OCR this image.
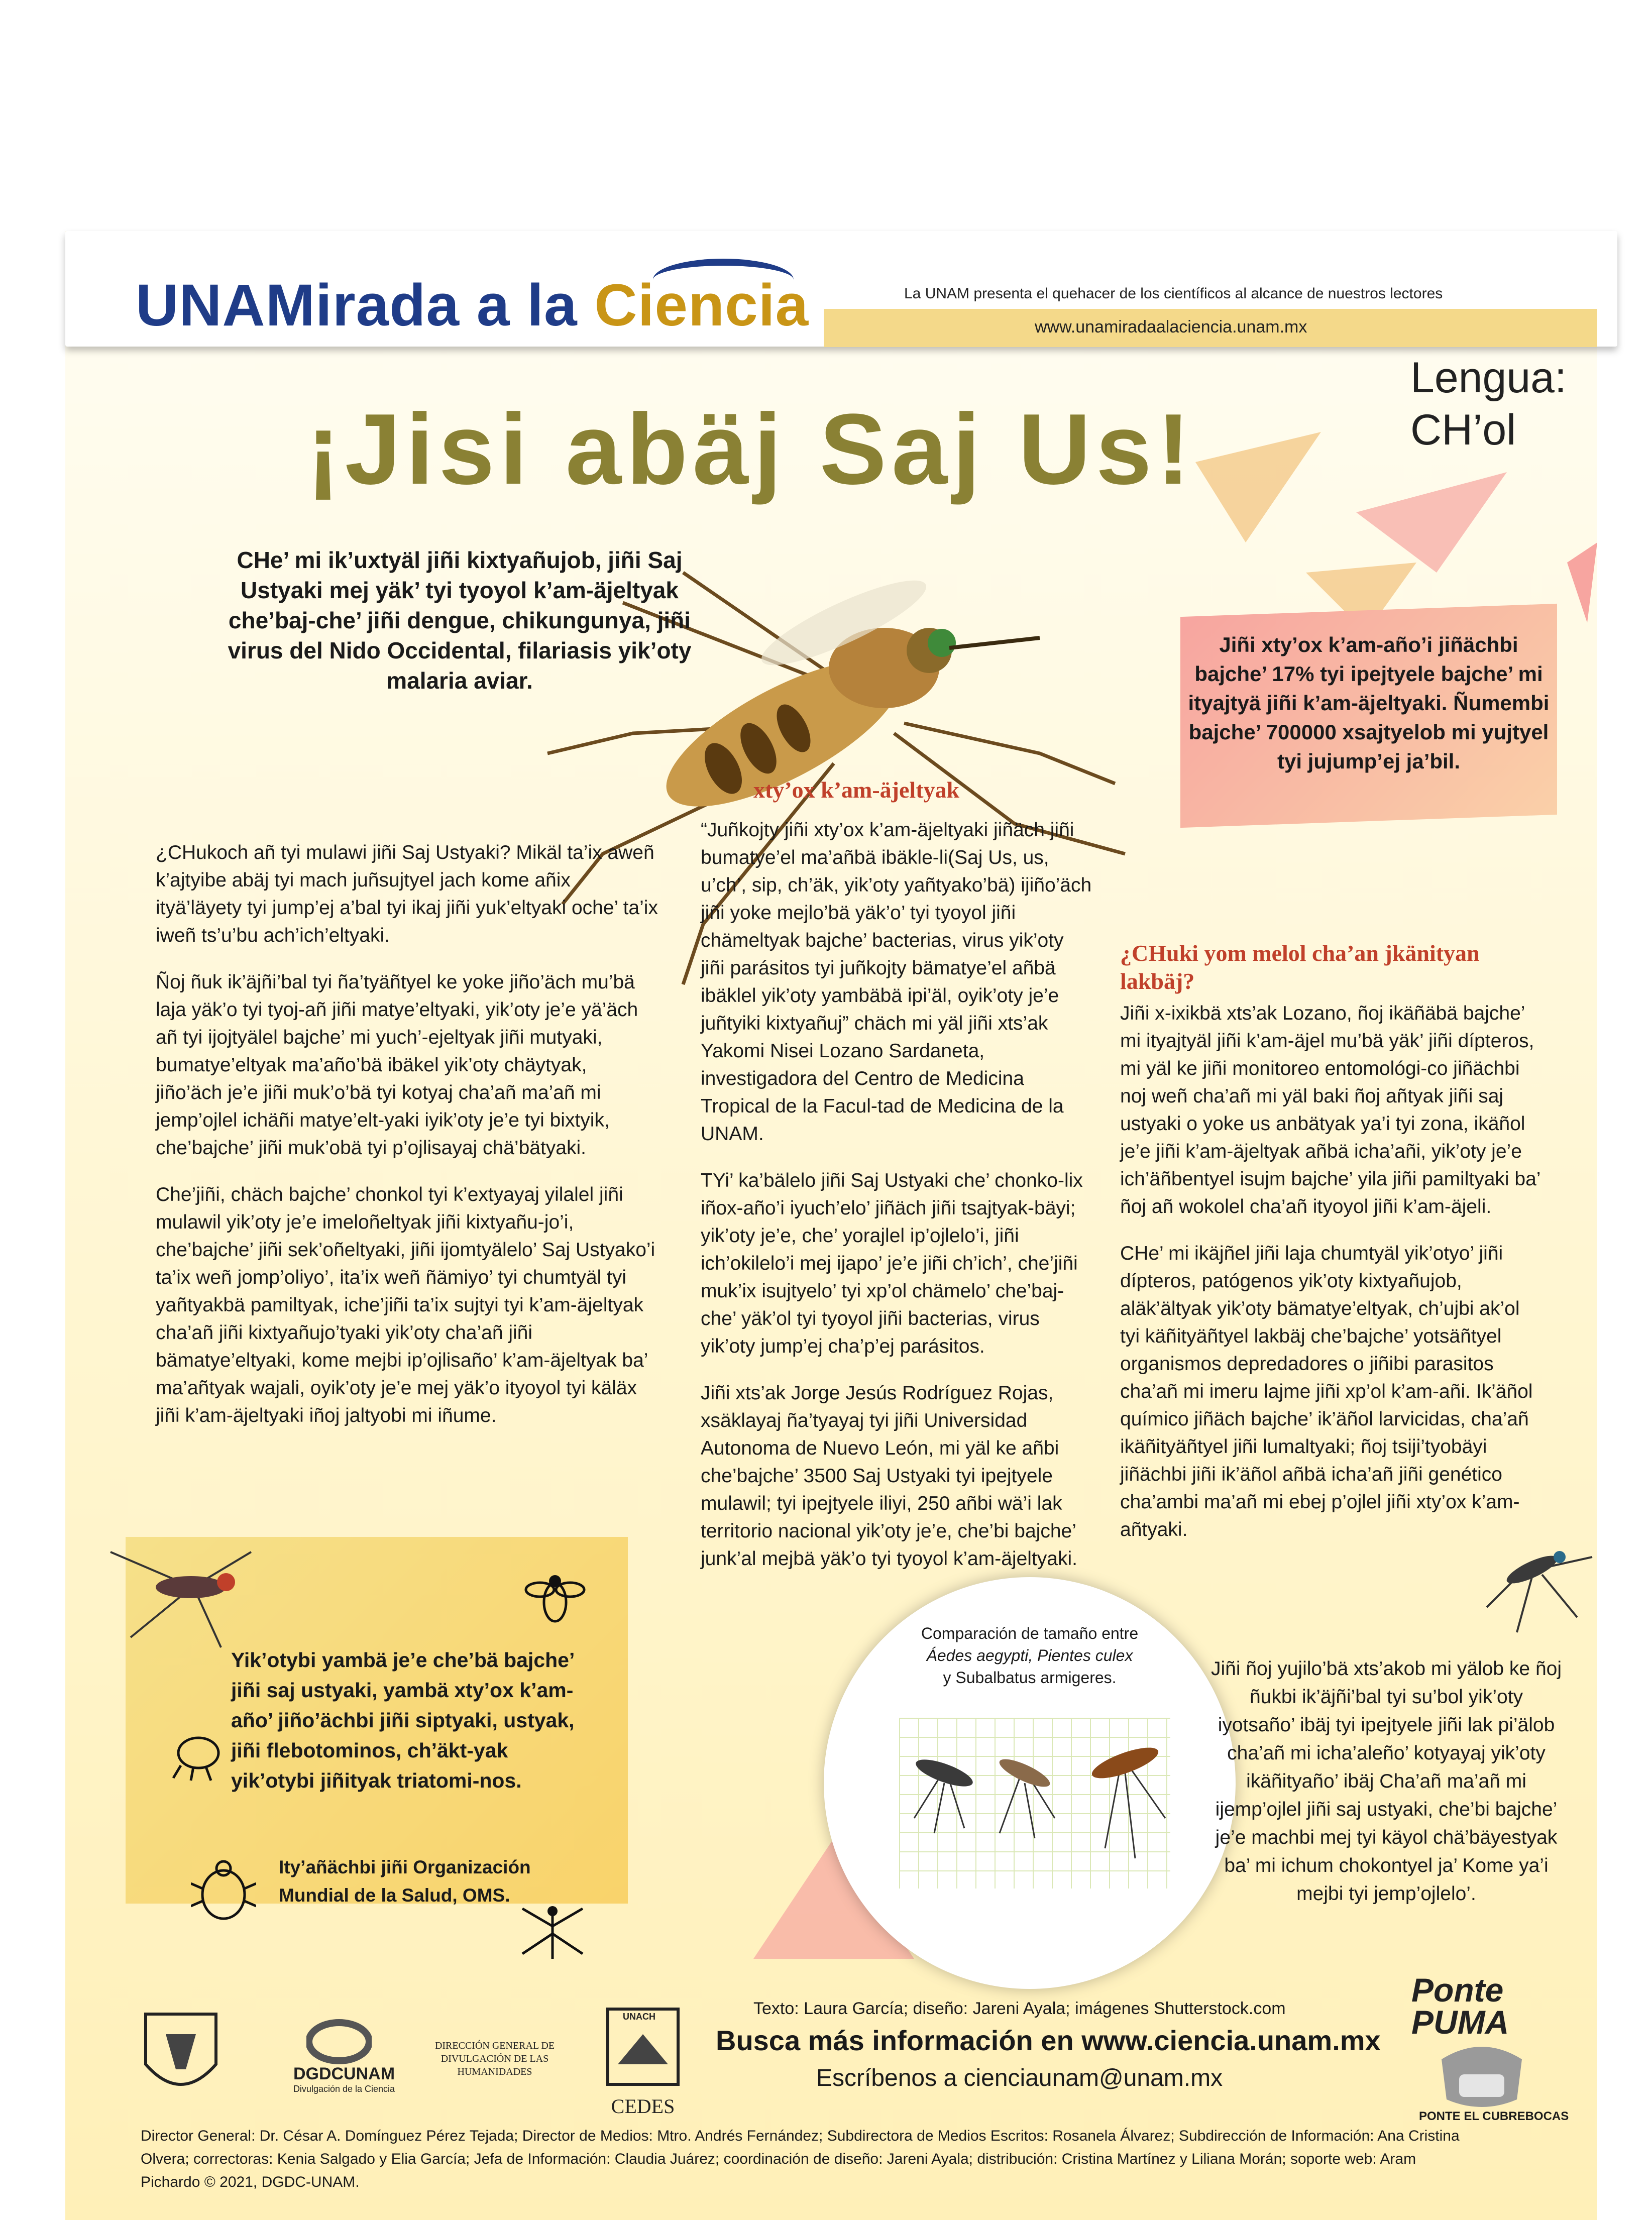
UNAMirada a la Ciencia	La UNAM presenta el quehacer de los científicos al alcance de nuestros lectores
www.unamiradaalaciencia.unam.mx
Lengua:
CH’ol
¡Jisi abäj Saj Us!
CHe’ mi ik’uxtyäl jiñi kixtyañujob, jiñi Saj Ustyaki mej yäk’ tyi tyoyol k’am-äjeltyak che’baj-che’ jiñi dengue, chikungunya, jiñi virus del Nido Occidental, filariasis yik’oty malaria aviar.
Jiñi xty’ox k’am-año’i jiñächbi bajche’ 17% tyi ipejtyele bajche’ mi ityajtyä jiñi k’am-äjeltyaki. Ñumembi bajche’ 700000 xsajtyelob mi yujtyel tyi jujump’ej ja’bil.

¿CHukoch añ tyi mulawi jiñi Saj Ustyaki? Mikäl ta’ix aweñ k’ajtyibe abäj tyi mach juñsujtyel jach kome añix ityä’läyety tyi jump’ej a’bal tyi ikaj jiñi yuk’eltyaki oche’ ta’ix iweñ ts’u’bu ach’ich’eltyaki.

Ñoj ñuk ik’äjñi’bal tyi ña’tyäñtyel ke yoke jiño’äch mu’bä laja yäk’o tyi tyoj-añ jiñi matye’eltyaki, yik’oty je’e yä’äch añ tyi ijojtyälel bajche’ mi yuch’-ejeltyak jiñi mutyaki, bumatye’eltyak ma’año’bä ibäkel yik’oty chäytyak, jiño’äch je’e jiñi muk’o’bä tyi kotyaj cha’añ ma’añ mi jemp’ojlel ichäñi matye’elt-yaki iyik’oty je’e tyi bixtyik, che’bajche’ jiñi muk’obä tyi p’ojlisayaj chä’bätyaki.

Che’jiñi, chäch bajche’ chonkol tyi k’extyayaj yilalel jiñi mulawil yik’oty je’e imeloñeltyak jiñi kixtyañu-jo’i, che’bajche’ jiñi sek’oñeltyaki, jiñi ijomtyälelo’ Saj Ustyako’i ta’ix weñ jomp’oliyo’, ita’ix weñ ñämiyo’ tyi chumtyäl tyi yañtyakbä pamiltyak, iche’jiñi ta’ix sujtyi tyi k’am-äjeltyak cha’añ jiñi kixtyañujo’tyaki yik’oty cha’añ jiñi bämatye’eltyaki, kome mejbi ip’ojlisaño’ k’am-äjeltyak ba’ ma’añtyak wajali, oyik’oty je’e mej yäk’o ityoyol tyi käläx jiñi k’am-äjeltyaki iñoj jaltyobi mi iñume.

xty’ox k’am-äjeltyak

“Juñkojty jiñi xty’ox k’am-äjeltyaki jiñäch jiñi bumatye’el ma’añbä ibäkle-li(Saj Us, us, u’ch’, sip, ch’äk, yik’oty yañtyako’bä) ijiño’äch jiñi yoke mejlo’bä yäk’o’ tyi tyoyol jiñi chämeltyak bajche’ bacterias, virus yik’oty jiñi parásitos tyi juñkojty bämatye’el añbä ibäklel yik’oty yambäbä ipi’äl, oyik’oty je’e juñtyiki kixtyañuj” chäch mi yäl jiñi xts’ak Yakomi Nisei Lozano Sardaneta, investigadora del Centro de Medicina Tropical de la Facul-tad de Medicina de la UNAM.

TYi’ ka’bälelo jiñi Saj Ustyaki che’ chonko-lix iñox-año’i iyuch’elo’ jiñäch jiñi tsajtyak-bäyi; yik’oty je’e, che’ yorajlel ip’ojlelo’i, jiñi ich’okilelo’i mej ijapo’ je’e jiñi ch’ich’, che’jiñi muk’ix isujtyelo’ tyi xp’ol chämelo’ che’baj-che’ yäk’ol tyi tyoyol jiñi bacterias, virus yik’oty jump’ej cha’p’ej parásitos.

Jiñi xts’ak Jorge Jesús Rodríguez Rojas, xsäklayaj ña’tyayaj tyi jiñi Universidad Autonoma de Nuevo León, mi yäl ke añbi che’bajche’ 3500 Saj Ustyaki tyi ipejtyele mulawil; tyi ipejtyele iliyi, 250 añbi wä’i lak territorio nacional yik’oty je’e, che’bi bajche’ junk’al mejbä yäk’o tyi tyoyol k’am-äjeltyaki.

¿CHuki yom melol cha’an jkänityan lakbäj?

Jiñi x-ixikbä xts’ak Lozano, ñoj ikäñäbä bajche’ mi ityajtyäl jiñi k’am-äjel mu’bä yäk’ jiñi dípteros, mi yäl ke jiñi monitoreo entomológi-co jiñächbi noj weñ cha’añ mi yäl baki ñoj añtyak jiñi saj ustyaki o yoke us anbätyak ya’i tyi zona, ikäñol je’e jiñi k’am-äjeltyak añbä icha’añi, yik’oty je’e ich’äñbentyel isujm bajche’ yila jiñi pamiltyaki ba’ ñoj añ wokolel cha’añ ityoyol jiñi k’am-äjeli.

CHe’ mi ikäjñel jiñi laja chumtyäl yik’otyo’ jiñi dípteros, patógenos yik’oty kixtyañujob, aläk’ältyak yik’oty bämatye’eltyak, ch’ujbi ak’ol tyi käñityäñtyel lakbäj che’bajche’ yotsäñtyel organismos depredadores o jiñibi parasitos cha’añ mi imeru lajme jiñi xp’ol k’am-añi. Ik’äñol químico jiñäch bajche’ ik’äñol larvicidas, cha’añ ikäñityäñtyel jiñi lumaltyaki; ñoj tsiji’tyobäyi jiñächbi jiñi ik’äñol añbä icha’añ jiñi genético cha’ambi ma’añ mi ebej p’ojlel jiñi xty’ox k’am-añtyaki.

Yik’otybi yambä je’e che’bä bajche’ jiñi saj ustyaki, yambä xty’ox k’am-año’ jiño’ächbi jiñi siptyaki, ustyak, jiñi flebotominos, ch’äkt-yak yik’otybi jiñityak triatomi-nos.
Ity’añächbi jiñi Organización Mundial de la Salud, OMS.
Comparación de tamaño entre
Áedes aegypti, Pientes culex
y Subalbatus armigeres.	Jiñi ñoj yujilo’bä xts’akob mi yälob ke ñoj ñukbi ik’äjñi’bal tyi su’bol yik’oty iyotsaño’ ibäj tyi ipejtyele jiñi lak pi’älob cha’añ mi icha’aleño’ kotyayaj yik’oty ikäñityaño’ ibäj Cha’añ ma’añ mi ijemp’ojlel jiñi saj ustyaki, che’bi bajche’ je’e machbi mej tyi käyol chä’bäyestyak ba’ mi ichum chokontyel ja’ Kome ya’i mejbi tyi jemp’ojlelo’.
Texto: Laura García; diseño: Jareni Ayala; imágenes Shutterstock.com
Busca más información en www.ciencia.unam.mx
Escríbenos a cienciaunam@unam.mx
DGDCUNAM
Divulgación de la Ciencia
DIRECCIÓN GENERAL DE DIVULGACIÓN DE LAS HUMANIDADES
UNACH
CEDES
Ponte
PUMA
PONTE EL CUBREBOCAS
Director General: Dr. César A. Domínguez Pérez Tejada; Director de Medios: Mtro. Andrés Fernández; Subdirectora de Medios Escritos: Rosanela Álvarez; Subdirección de Información: Ana Cristina Olvera; correctoras: Kenia Salgado y Elia García; Jefa de Información: Claudia Juárez; coordinación de diseño: Jareni Ayala; distribución: Cristina Martínez y Liliana Morán; soporte web: Aram Pichardo © 2021, DGDC-UNAM.
